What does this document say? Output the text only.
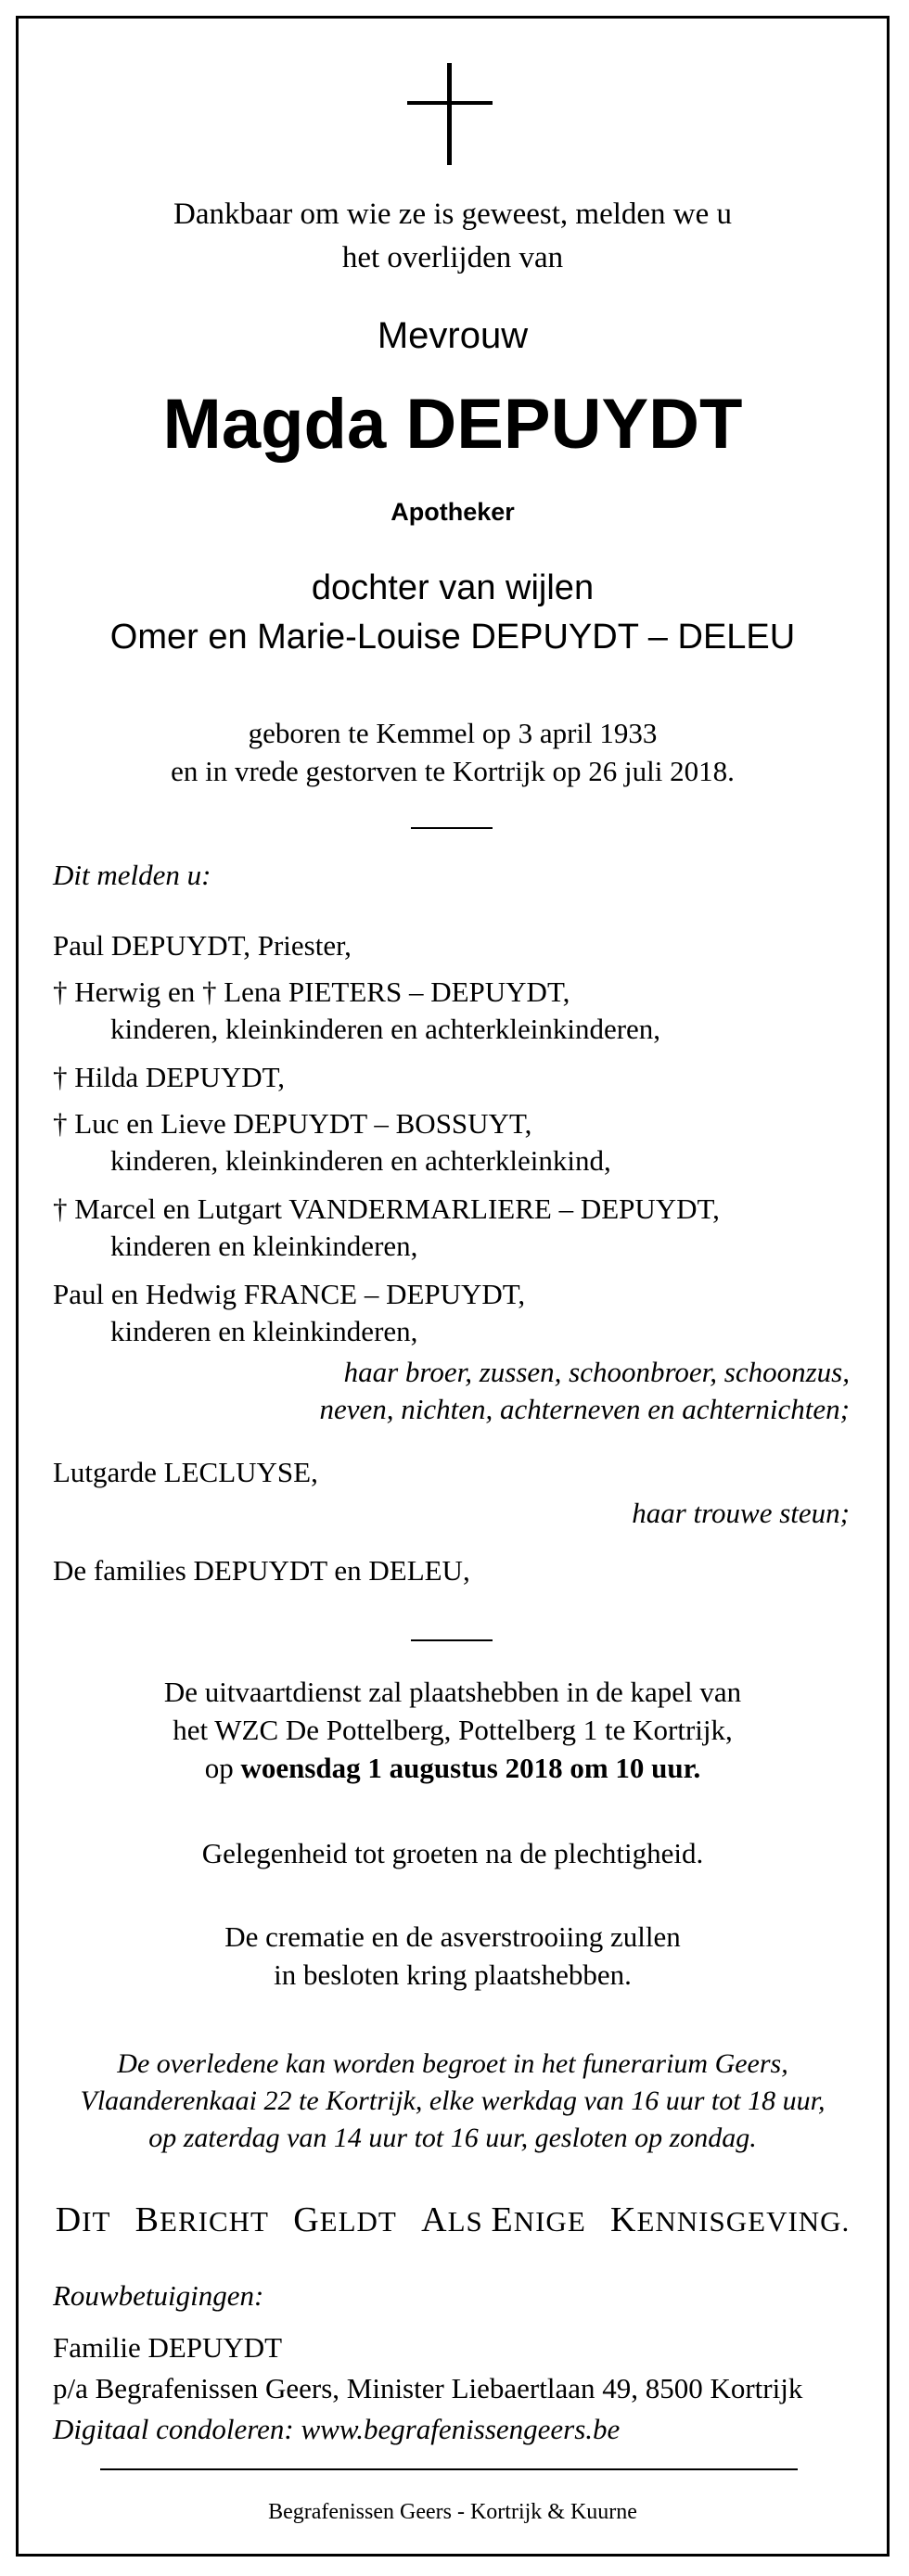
Dankbaar om wie ze is geweest, melden we u
het overlijden van
Mevrouw
Magda DEPUYDT
Apotheker
dochter van wijlen
Omer en Marie-Louise DEPUYDT – DELEU
geboren te Kemmel op 3 april 1933
en in vrede gestorven te Kortrijk op 26 juli 2018.
Dit melden u:
Paul DEPUYDT, Priester,
† Herwig en † Lena PIETERS – DEPUYDT,
kinderen, kleinkinderen en achterkleinkinderen,
† Hilda DEPUYDT,
† Luc en Lieve DEPUYDT – BOSSUYT,
kinderen, kleinkinderen en achterkleinkind,
† Marcel en Lutgart VANDERMARLIERE – DEPUYDT,
kinderen en kleinkinderen,
Paul en Hedwig FRANCE – DEPUYDT,
kinderen en kleinkinderen,
haar broer, zussen, schoonbroer, schoonzus,
neven, nichten, achterneven en achternichten;
Lutgarde LECLUYSE,
haar trouwe steun;
De families DEPUYDT en DELEU,
De uitvaartdienst zal plaatshebben in de kapel van
het WZC De Pottelberg, Pottelberg 1 te Kortrijk,
op woensdag 1 augustus 2018 om 10 uur.
Gelegenheid tot groeten na de plechtigheid.
De crematie en de asverstrooiing zullen
in besloten kring plaatshebben.
De overledene kan worden begroet in het funerarium Geers,
Vlaanderenkaai 22 te Kortrijk, elke werkdag van 16 uur tot 18 uur,
op zaterdag van 14 uur tot 16 uur, gesloten op zondag.
DIT BERICHT GELDT ALS ENIGE KENNISGEVING.
Rouwbetuigingen:
Familie DEPUYDT
p/a Begrafenissen Geers, Minister Liebaertlaan 49, 8500 Kortrijk
Digitaal condoleren: www.begrafenissengeers.be
Begrafenissen Geers - Kortrijk & Kuurne
